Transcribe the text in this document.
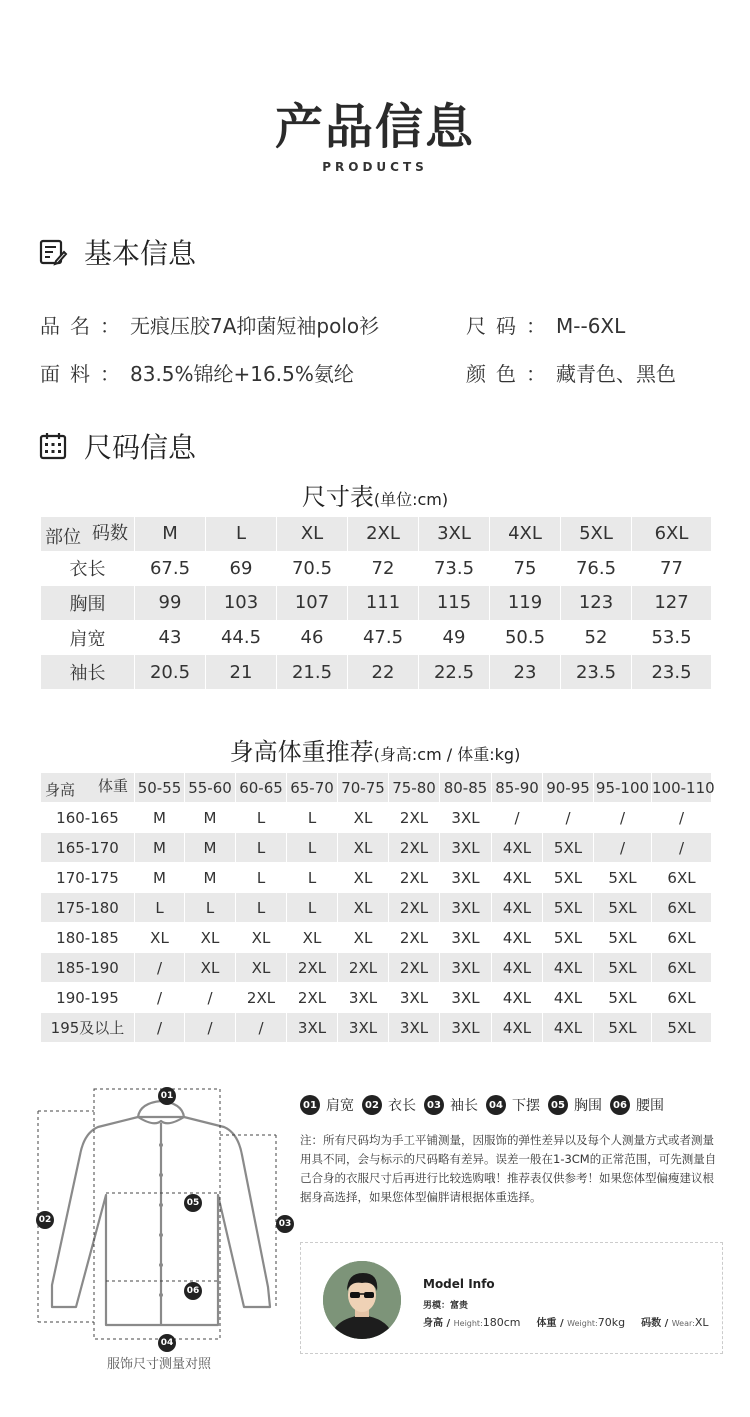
产品信息
PRODUCTS
基本信息
品名：无痕压胶7A抑菌短袖polo衫	尺码：M--6XL
面料：83.5%锦纶+16.5%氨纶	颜色：藏青色、黑色
尺码信息
尺寸表(单位:cm)
码数
部位	M	L	XL	2XL	3XL	4XL	5XL	6XL
衣长	67.5	69	70.5	72	73.5	75	76.5	77
胸围	99	103	107	111	115	119	123	127
肩宽	43	44.5	46	47.5	49	50.5	52	53.5
袖长	20.5	21	21.5	22	22.5	23	23.5	23.5
身高体重推荐(身高:cm / 体重:kg)
体重
身高	50-55	55-60	60-65	65-70	70-75	75-80	80-85	85-90	90-95	95-100	100-110
160-165	M	M	L	L	XL	2XL	3XL	/	/	/	/
165-170	M	M	L	L	XL	2XL	3XL	4XL	5XL	/	/
170-175	M	M	L	L	XL	2XL	3XL	4XL	5XL	5XL	6XL
175-180	L	L	L	L	XL	2XL	3XL	4XL	5XL	5XL	6XL
180-185	XL	XL	XL	XL	XL	2XL	3XL	4XL	5XL	5XL	6XL
185-190	/	XL	XL	2XL	2XL	2XL	3XL	4XL	4XL	5XL	6XL
190-195	/	/	2XL	2XL	3XL	3XL	3XL	4XL	4XL	5XL	6XL
195及以上	/	/	/	3XL	3XL	3XL	3XL	4XL	4XL	5XL	5XL
01
02	03
04
05
06
服饰尺寸测量对照
01 肩宽	02 衣长	03 袖长	04 下摆	05 胸围	06 腰围
注：所有尺码均为手工平铺测量，因服饰的弹性差异以及每个人测量方式或者测量用具不同，会与标示的尺码略有差异。误差一般在1-3CM的正常范围，可先测量自己合身的衣服尺寸后再进行比较选购哦！推荐表仅供参考！如果您体型偏瘦建议根据身高选择，如果您体型偏胖请根据体重选择。
Model Info
男模：富贵
身高 / Height:180cm 体重 / Weight:70kg 码数 / Wear:XL
